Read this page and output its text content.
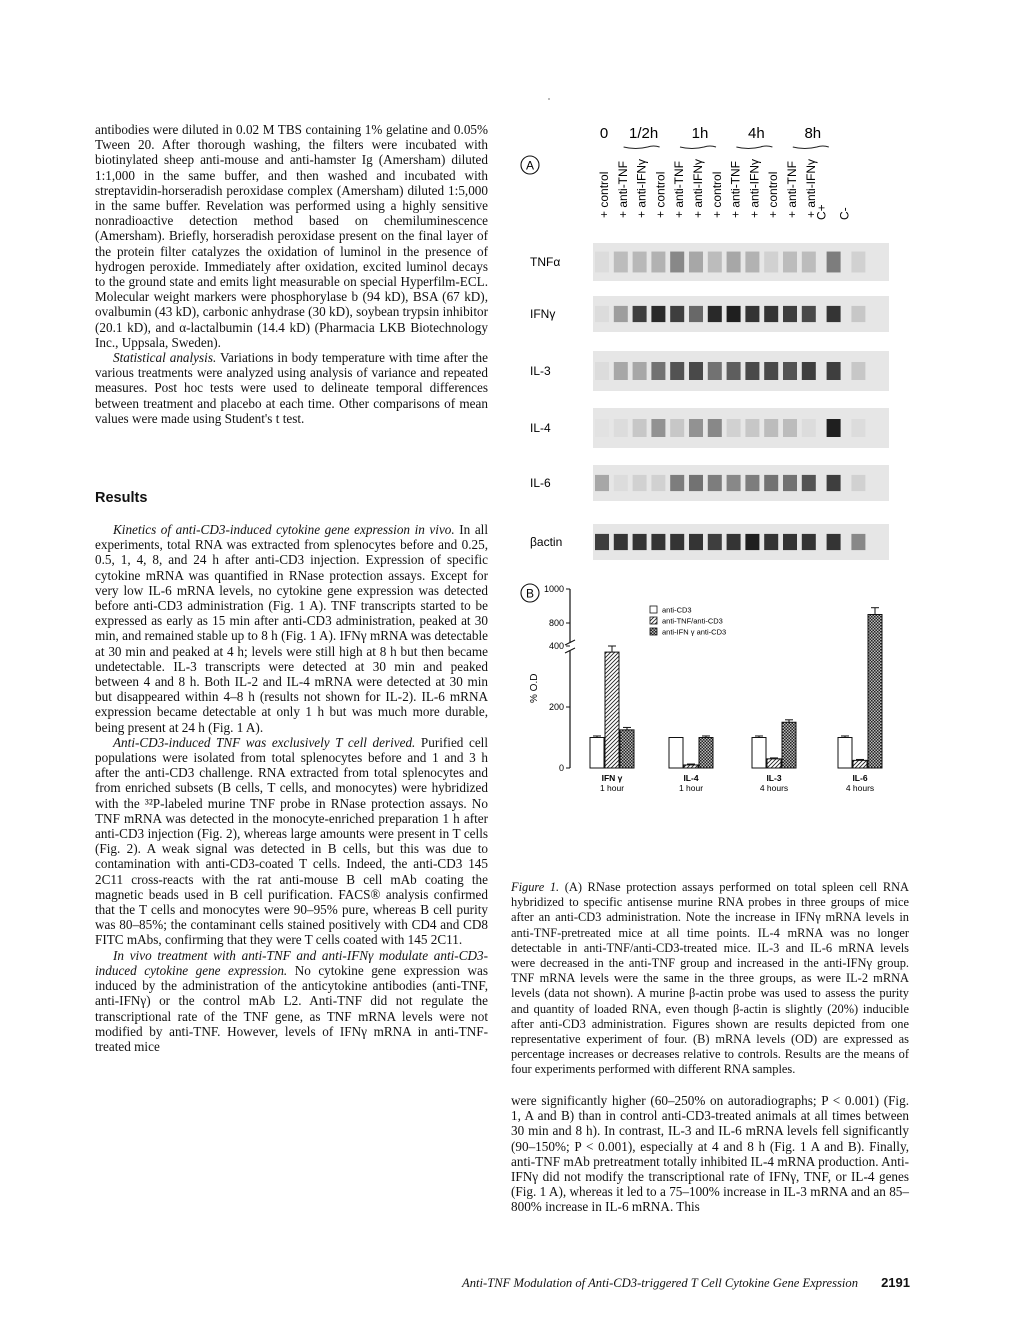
antibodies were diluted in 0.02 M TBS containing 1% gelatine and 0.05% Tween 20. After thorough washing, the filters were incubated with biotinylated sheep anti-mouse and anti-hamster Ig (Amersham) diluted 1:1,000 in the same buffer, and then washed and incubated with streptavidin-horseradish peroxidase complex (Amersham) diluted 1:5,000 in the same buffer. Revelation was performed using a highly sensitive nonradioactive detection method based on chemiluminescence (Amersham). Briefly, horseradish peroxidase present on the final layer of the protein filter catalyzes the oxidation of luminol in the presence of hydrogen peroxide. Immediately after oxidation, excited luminol decays to the ground state and emits light measurable on special Hyperfilm-ECL. Molecular weight markers were phosphorylase b (94 kD), BSA (67 kD), ovalbumin (43 kD), carbonic anhydrase (30 kD), soybean trypsin inhibitor (20.1 kD), and α-lactalbumin (14.4 kD) (Pharmacia LKB Biotechnology Inc., Uppsala, Sweden).

Statistical analysis. Variations in body temperature with time after the various treatments were analyzed using analysis of variance and repeated measures. Post hoc tests were used to delineate temporal differences between treatment and placebo at each time. Other comparisons of mean values were made using Student's t test.

Results

Kinetics of anti-CD3-induced cytokine gene expression in vivo. In all experiments, total RNA was extracted from splenocytes before and 0.25, 0.5, 1, 4, 8, and 24 h after anti-CD3 injection. Expression of specific cytokine mRNA was quantified in RNase protection assays. Except for very low IL-6 mRNA levels, no cytokine gene expression was detected before anti-CD3 administration (Fig. 1 A). TNF transcripts started to be expressed as early as 15 min after anti-CD3 administration, peaked at 30 min, and remained stable up to 8 h (Fig. 1 A). IFNγ mRNA was detectable at 30 min and peaked at 4 h; levels were still high at 8 h but then became undetectable. IL-3 transcripts were detected at 30 min and peaked between 4 and 8 h. Both IL-2 and IL-4 mRNA were detected at 30 min but disappeared within 4–8 h (results not shown for IL-2). IL-6 mRNA expression became detectable at only 1 h but was much more durable, being present at 24 h (Fig. 1 A).

Anti-CD3-induced TNF was exclusively T cell derived. Purified cell populations were isolated from total splenocytes before and 1 and 3 h after the anti-CD3 challenge. RNA extracted from total splenocytes and from enriched subsets (B cells, T cells, and monocytes) were hybridized with the ³²P-labeled murine TNF probe in RNase protection assays. No TNF mRNA was detected in the monocyte-enriched preparation 1 h after anti-CD3 injection (Fig. 2), whereas large amounts were present in T cells (Fig. 2). A weak signal was detected in B cells, but this was due to contamination with anti-CD3-coated T cells. Indeed, the anti-CD3 145 2C11 cross-reacts with the rat anti-mouse B cell mAb coating the magnetic beads used in B cell purification. FACS® analysis confirmed that the T cells and monocytes were 90–95% pure, whereas B cell purity was 80–85%; the contaminant cells stained positively with CD4 and CD8 FITC mAbs, confirming that they were T cells coated with 145 2C11.

In vivo treatment with anti-TNF and anti-IFNγ modulate anti-CD3-induced cytokine gene expression. No cytokine gene expression was induced by the administration of the anticytokine antibodies (anti-TNF, anti-IFNγ) or the control mAb L2. Anti-TNF did not regulate the transcriptional rate of the TNF gene, as TNF mRNA levels were not modified by anti-TNF. However, levels of IFNγ mRNA in anti-TNF-treated mice

were significantly higher (60–250% on autoradiographs; P < 0.001) (Fig. 1, A and B) than in control anti-CD3-treated animals at all times between 30 min and 8 h). In contrast, IL-3 and IL-6 mRNA levels fell significantly (90–150%; P < 0.001), especially at 4 and 8 h (Fig. 1 A and B). Finally, anti-TNF mAb pretreatment totally inhibited IL-4 mRNA production. Anti-IFNγ did not modify the transcriptional rate of IFNγ, TNF, or IL-4 genes (Fig. 1 A), whereas it led to a 75–100% increase in IL-3 mRNA and an 85–800% increase in IL-6 mRNA. This

A
0 1/2h 1h	4h	8h
+ control + anti-TNF + anti-IFNγ + control + anti-TNF + anti-IFNγ + control + anti-TNF + anti-IFNγ + control + anti-TNF + anti-IFNγ
C+ C-
TNFα
IFNγ
IL-3
IL-4
IL-6
βactin
B
0
200
400
800
1000
% O.D
anti-CD3
anti-TNF/anti-CD3
anti-IFN γ anti-CD3
IFN γ
1 hour
IL-4
1 hour
IL-3
4 hours
IL-6
4 hours

Figure 1. (A) RNase protection assays performed on total spleen cell RNA hybridized to specific antisense murine RNA probes in three groups of mice after an anti-CD3 administration. Note the increase in IFNγ mRNA levels in anti-TNF-pretreated mice at all time points. IL-4 mRNA was no longer detectable in anti-TNF/anti-CD3-treated mice. IL-3 and IL-6 mRNA levels were decreased in the anti-TNF group and increased in the anti-IFNγ group. TNF mRNA levels were the same in the three groups, as were IL-2 mRNA levels (data not shown). A murine β-actin probe was used to assess the purity and quantity of loaded RNA, even though β-actin is slightly (20%) inducible after anti-CD3 administration. Figures shown are results depicted from one representative experiment of four. (B) mRNA levels (OD) are expressed as percentage increases or decreases relative to controls. Results are the means of four experiments performed with different RNA samples.

Anti-TNF Modulation of Anti-CD3-triggered T Cell Cytokine Gene Expression 2191
